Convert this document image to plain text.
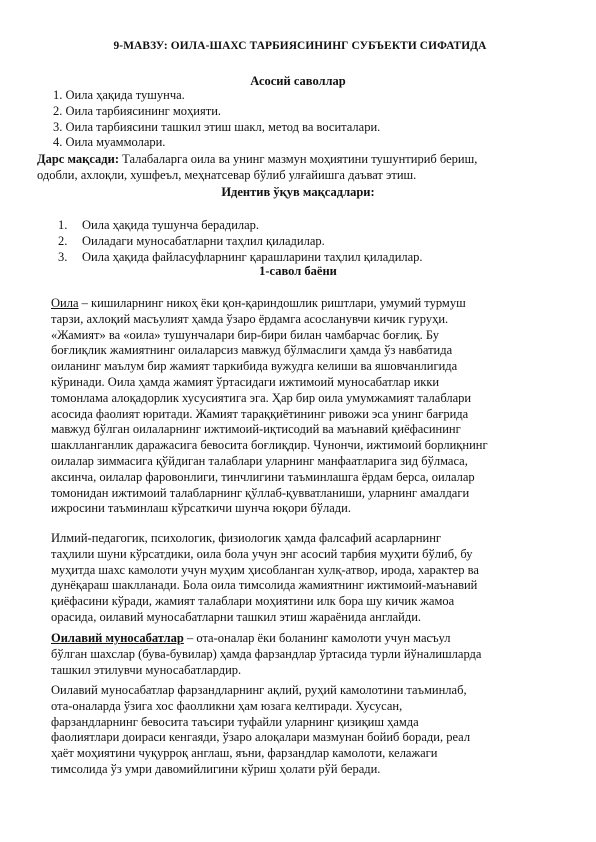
9-МАВЗУ: ОИЛА-ШАХС ТАРБИЯСИНИНГ СУБЪЕКТИ СИФАТИДА
Асосий саволлар
1. Оила ҳақида тушунча.
2. Оила тарбиясининг моҳияти.
3. Оила тарбиясини ташкил этиш шакл, метод ва воситалари.
4. Оила муаммолари.
Дарс мақсади: Талабаларга оила ва унинг мазмун моҳиятини тушунтириб бериш,
одобли, ахлоқли, хушфеъл, меҳнатсевар бўлиб улғайишга даъват этиш.
Идентив ўқув мақсадлари:
1. Оила ҳақида тушунча берадилар.
2. Оиладаги муносабатларни таҳлил қиладилар.
3. Оила ҳақида файласуфларнинг қарашларини таҳлил қиладилар.
1-савол баёни
Оила – кишиларнинг никоҳ ёки қон-қариндошлик риштлари, умумий турмуш
тарзи, ахлоқий масъулият ҳамда ўзаро ёрдамга асосланувчи кичик гуруҳи.
«Жамият» ва «оила» тушунчалари бир-бири билан чамбарчас боғлиқ. Бу
боғлиқлик жамиятнинг оилаларсиз мавжуд бўлмаслиги ҳамда ўз навбатида
оиланинг маълум бир жамият таркибида вужудга келиши ва яшовчанлигида
кўринади. Оила ҳамда жамият ўртасидаги ижтимоий муносабатлар икки
томонлама алоқадорлик хусусиятига эга. Ҳар бир оила умумжамият талаблари
асосида фаолият юритади. Жамият тараққиётининг ривожи эса унинг бағрида
мавжуд бўлган оилаларнинг ижтимоий-иқтисодий ва маънавий қиёфасининг
шаклланганлик даражасига бевосита боғлиқдир. Чунончи, ижтимоий борлиқнинг
оилалар зиммасига қўйдиган талаблари уларнинг манфаатларига зид бўлмаса,
аксинча, оилалар фаровонлиги, тинчлигини таъминлашга ёрдам берса, оилалар
томонидан ижтимоий талабларнинг қўллаб-қувватланиши, уларнинг амалдаги
ижросини таъминлаш кўрсаткичи шунча юқори бўлади.
Илмий-педагогик, психологик, физиологик ҳамда фалсафий асарларнинг
таҳлили шуни кўрсатдики, оила бола учун энг асосий тарбия муҳити бўлиб, бу
муҳитда шахс камолоти учун муҳим ҳисобланган хулқ-атвор, ирода, характер ва
дунёқараш шаклланади. Бола оила тимсолида жамиятнинг ижтимоий-маънавий
қиёфасини кўради, жамият талаблари моҳиятини илк бора шу кичик жамоа
орасида, оилавий муносабатларни ташкил этиш жараёнида англайди.
Оилавий муносабатлар – ота-оналар ёки боланинг камолоти учун масъул
бўлган шахслар (бува-бувилар) ҳамда фарзандлар ўртасида турли йўналишларда
ташкил этилувчи муносабатлардир.
Оилавий муносабатлар фарзандларнинг ақлий, руҳий камолотини таъминлаб,
ота-оналарда ўзига хос фаолликни ҳам юзага келтиради. Хусусан,
фарзандларнинг бевосита таъсири туфайли уларнинг қизиқиш ҳамда
фаолиятлари доираси кенгаяди, ўзаро алоқалари мазмунан бойиб боради, реал
ҳаёт моҳиятини чуқурроқ англаш, яъни, фарзандлар камолоти, келажаги
тимсолида ўз умри давомийлигини кўриш ҳолати рўй беради.
